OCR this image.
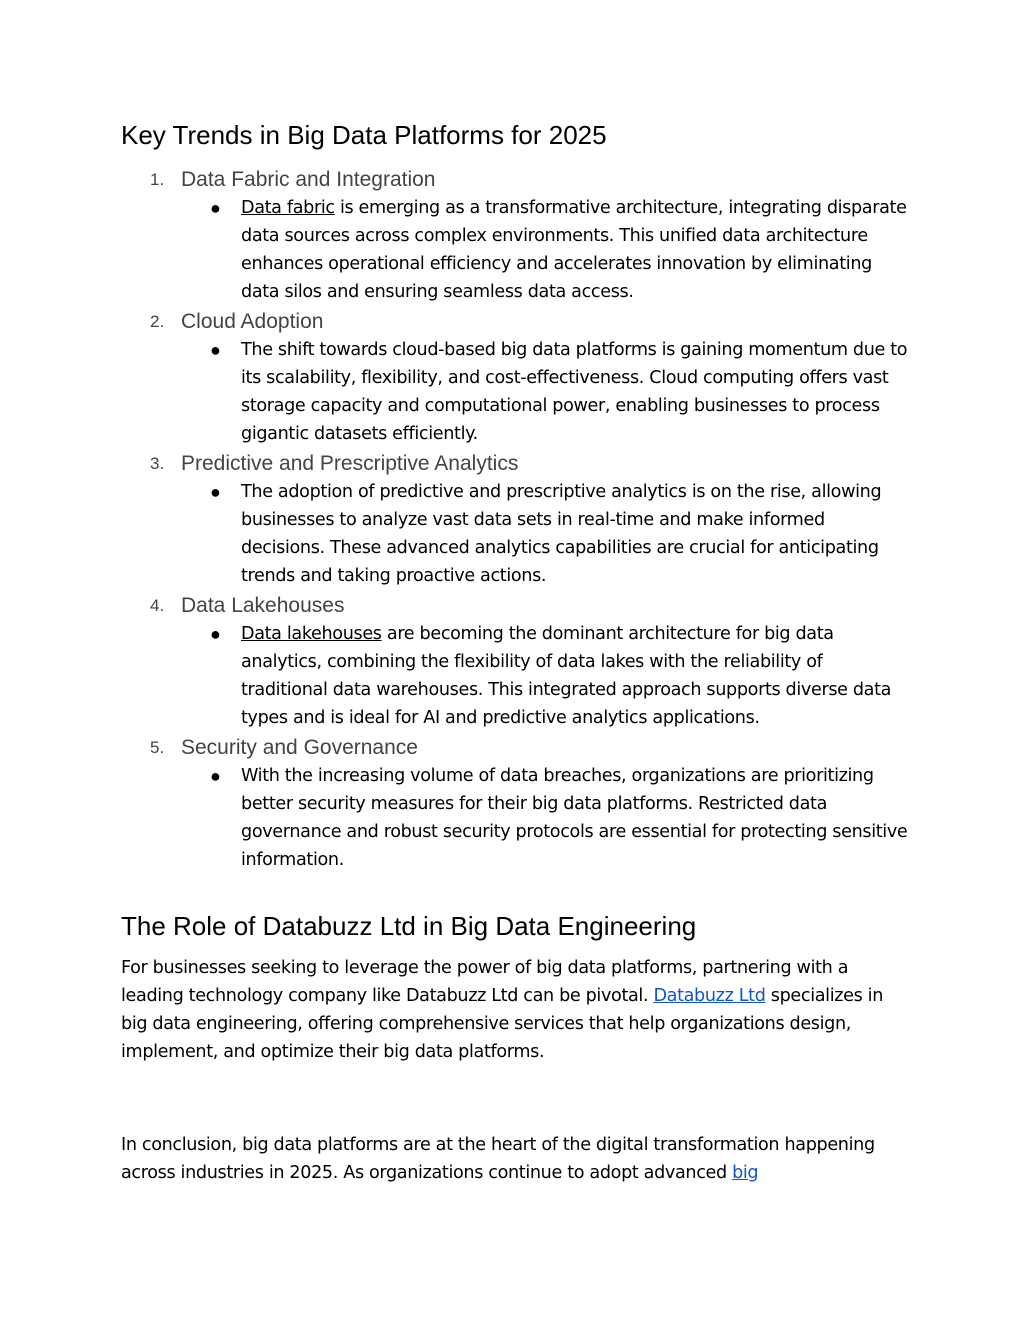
Key Trends in Big Data Platforms for 2025
1. Data Fabric and Integration
● Data fabric is emerging as a transformative architecture, integrating disparate data sources across complex environments. This unified data architecture enhances operational efficiency and accelerates innovation by eliminating data silos and ensuring seamless data access.
2. Cloud Adoption
● The shift towards cloud-based big data platforms is gaining momentum due to its scalability, flexibility, and cost-effectiveness. Cloud computing offers vast storage capacity and computational power, enabling businesses to process gigantic datasets efficiently.
3. Predictive and Prescriptive Analytics
● The adoption of predictive and prescriptive analytics is on the rise, allowing businesses to analyze vast data sets in real-time and make informed decisions. These advanced analytics capabilities are crucial for anticipating trends and taking proactive actions.
4. Data Lakehouses
● Data lakehouses are becoming the dominant architecture for big data analytics, combining the flexibility of data lakes with the reliability of traditional data warehouses. This integrated approach supports diverse data types and is ideal for AI and predictive analytics applications.
5. Security and Governance
● With the increasing volume of data breaches, organizations are prioritizing better security measures for their big data platforms. Restricted data governance and robust security protocols are essential for protecting sensitive information.
The Role of Databuzz Ltd in Big Data Engineering

For businesses seeking to leverage the power of big data platforms, partnering with a leading technology company like Databuzz Ltd can be pivotal. Databuzz Ltd specializes in big data engineering, offering comprehensive services that help organizations design, implement, and optimize their big data platforms.

In conclusion, big data platforms are at the heart of the digital transformation happening across industries in 2025. As organizations continue to adopt advanced big
